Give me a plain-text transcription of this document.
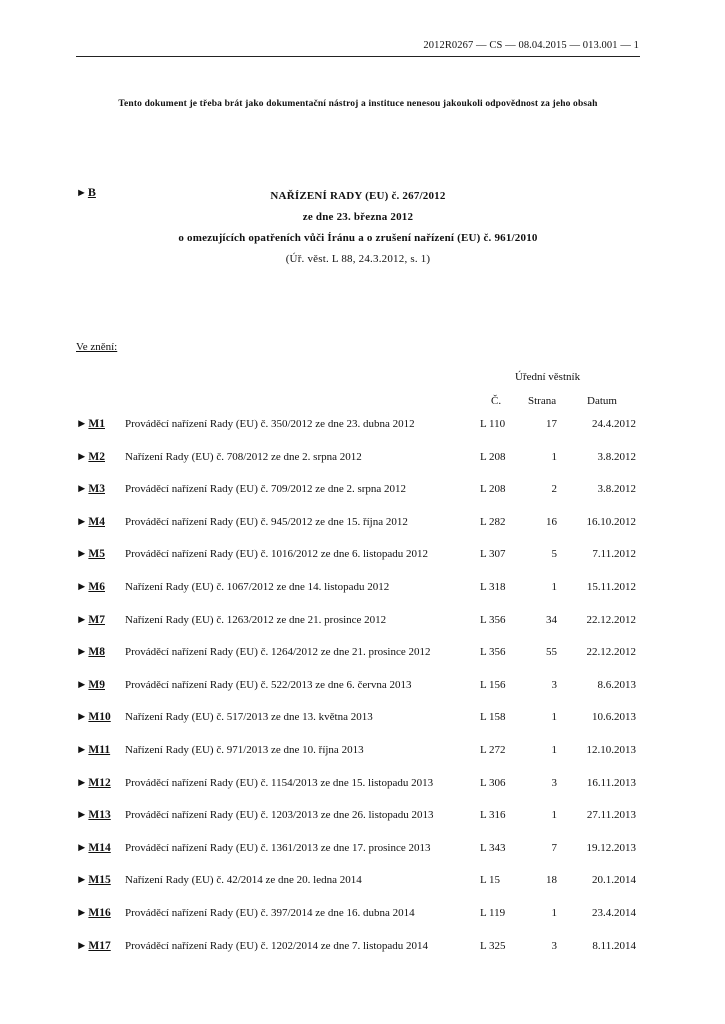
2012R0267 — CS — 08.04.2015 — 013.001 — 1
Tento dokument je třeba brát jako dokumentační nástroj a instituce nenesou jakoukoli odpovědnost za jeho obsah
►B	NAŘÍZENÍ RADY (EU) č. 267/2012
ze dne 23. března 2012
o omezujících opatřeních vůči Íránu a o zrušení nařízení (EU) č. 961/2010
(Úř. věst. L 88, 24.3.2012, s. 1)
Ve znění:
Úřední věstník
Č. Strana	Datum
►M1 Prováděcí nařízení Rady (EU) č. 350/2012 ze dne 23. dubna 2012	L 110	17	24.4.2012
►M2 Nařízení Rady (EU) č. 708/2012 ze dne 2. srpna 2012	L 208	1	3.8.2012
►M3 Prováděcí nařízení Rady (EU) č. 709/2012 ze dne 2. srpna 2012	L 208	2	3.8.2012
►M4 Prováděcí nařízení Rady (EU) č. 945/2012 ze dne 15. října 2012	L 282	16	16.10.2012
►M5 Prováděcí nařízení Rady (EU) č. 1016/2012 ze dne 6. listopadu 2012	L 307	5	7.11.2012
►M6 Nařízení Rady (EU) č. 1067/2012 ze dne 14. listopadu 2012	L 318	1	15.11.2012
►M7 Nařízení Rady (EU) č. 1263/2012 ze dne 21. prosince 2012	L 356	34	22.12.2012
►M8 Prováděcí nařízení Rady (EU) č. 1264/2012 ze dne 21. prosince 2012	L 356	55	22.12.2012
►M9 Prováděcí nařízení Rady (EU) č. 522/2013 ze dne 6. června 2013	L 156	3	8.6.2013
►M10 Nařízení Rady (EU) č. 517/2013 ze dne 13. května 2013	L 158	1	10.6.2013
►M11 Nařízení Rady (EU) č. 971/2013 ze dne 10. října 2013	L 272	1	12.10.2013
►M12 Prováděcí nařízení Rady (EU) č. 1154/2013 ze dne 15. listopadu 2013	L 306	3	16.11.2013
►M13 Prováděcí nařízení Rady (EU) č. 1203/2013 ze dne 26. listopadu 2013	L 316	1	27.11.2013
►M14 Prováděcí nařízení Rady (EU) č. 1361/2013 ze dne 17. prosince 2013	L 343	7	19.12.2013
►M15 Nařízení Rady (EU) č. 42/2014 ze dne 20. ledna 2014	L 15	18	20.1.2014
►M16 Prováděcí nařízení Rady (EU) č. 397/2014 ze dne 16. dubna 2014	L 119	1	23.4.2014
►M17 Prováděcí nařízení Rady (EU) č. 1202/2014 ze dne 7. listopadu 2014	L 325	3	8.11.2014
